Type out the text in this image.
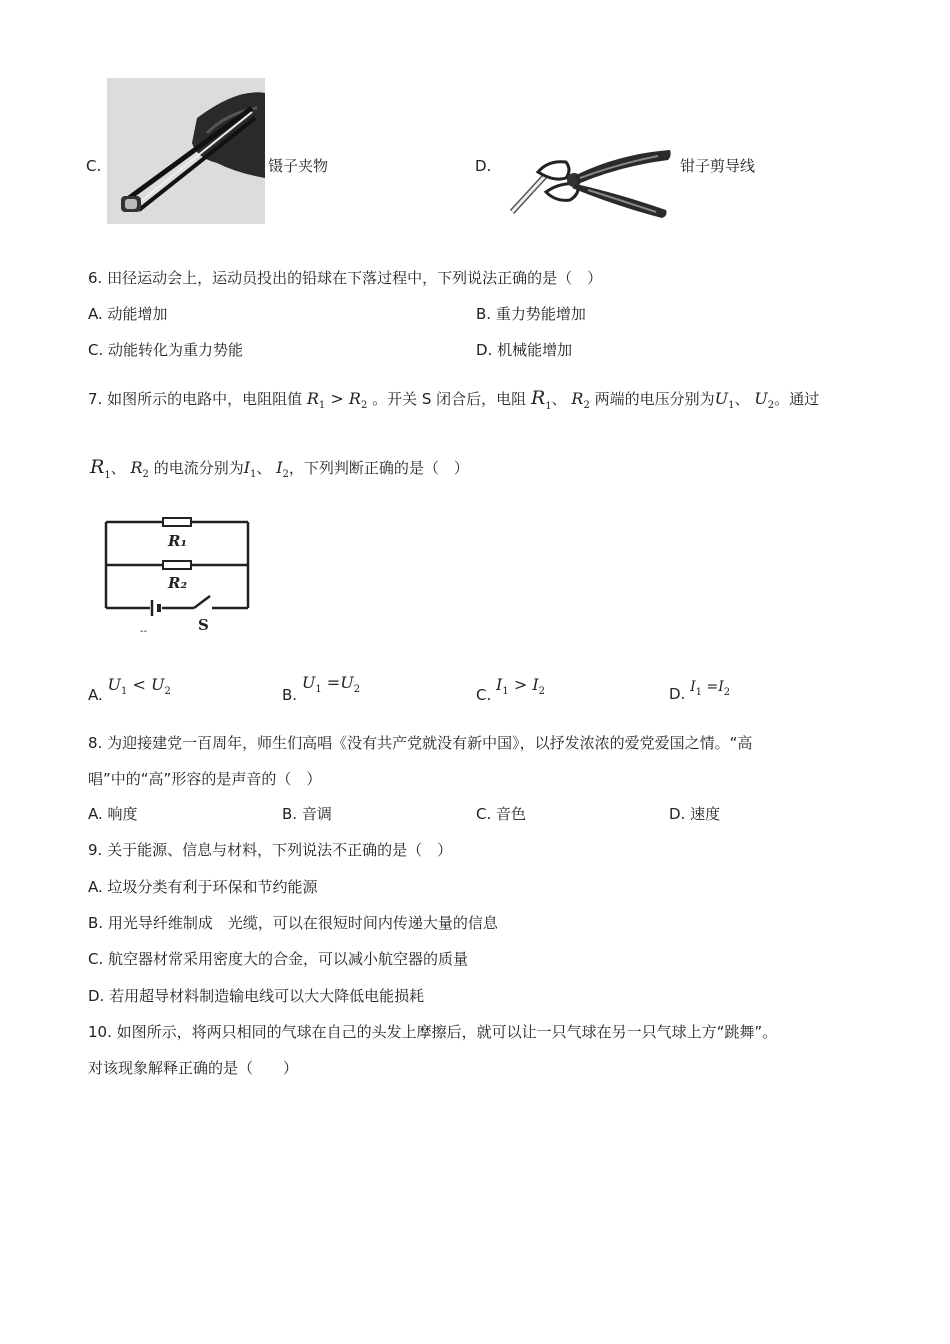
C.	镊子夹物	D.	钳子剪导线
6. 田径运动会上，运动员投出的铅球在下落过程中，下列说法正确的是（　）
A. 动能增加	B. 重力势能增加
C. 动能转化为重力势能	D. 机械能增加
7. 如图所示的电路中，电阻阻值 $R_1 > R_2$ 。开关 S 闭合后，电阻 $R_1$、 $R_2$ 两端的电压分别为$U_1$、 $U_2$。通过
$R_1$、 $R_2$ 的电流分别为$I_1$、 $I_2$，下列判断正确的是（　）
R₁
R₂
S
--
A. $U_1 < U_2$	B. $U_1 =U_2$	C. $I_1 > I_2$	D. $I_1 =I_2$
8. 为迎接建党一百周年，师生们高唱《没有共产党就没有新中国》，以抒发浓浓的爱党爱国之情。“高
唱”中的“高”形容的是声音的（　）
A. 响度	B. 音调	C. 音色	D. 速度
9. 关于能源、信息与材料，下列说法不正确的是（　）
A. 垃圾分类有利于环保和节约能源
B. 用光导纤维制成　光缆，可以在很短时间内传递大量的信息
C. 航空器材常采用密度大的合金，可以减小航空器的质量
D. 若用超导材料制造输电线可以大大降低电能损耗
10. 如图所示，将两只相同的气球在自己的头发上摩擦后，就可以让一只气球在另一只气球上方“跳舞”。
对该现象解释正确的是（　　）
